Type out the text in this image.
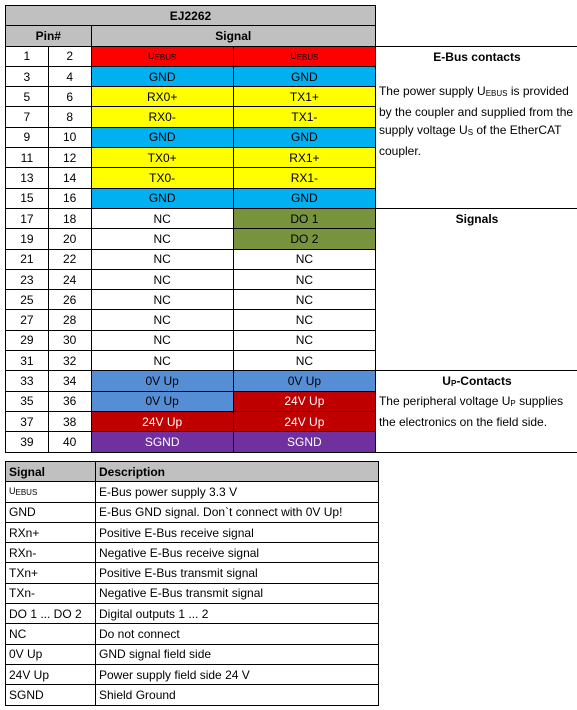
EJ2262				
Pin#		Signal		
1	2	$U_{EBUS}$	$U_{EBUS}$	E-Bus contacts
The power supply $U_{EBUS}$ is provided by the coupler and supplied from the supply voltage $U_S$ of the EtherCAT coupler.

3	4	GND	GND	
5	6	RX0+	TX1+	
7	8	RX0-	TX1-	
9	10	GND	GND	
11	12	TX0+	RX1+	
13	14	TX0-	RX1-	
15	16	GND	GND	
17	18	NC	DO 1	Signals

19	20	NC	DO 2	
21	22	NC	NC	
23	24	NC	NC	
25	26	NC	NC	
27	28	NC	NC	
29	30	NC	NC	
31	32	NC	NC	
33	34	0V Up	0V Up	$U_P$-Contacts
The peripheral voltage $U_P$ supplies the electronics on the field side.

35	36	0V Up	24V Up	
37	38	24V Up	24V Up	
39	40	SGND	SGND	
Signal	Description
$U_{EBUS}$	E-Bus power supply 3.3 V
GND	E-Bus GND signal. Don`t connect with 0V Up!
RXn+	Positive E-Bus receive signal
RXn-	Negative E-Bus receive signal
TXn+	Positive E-Bus transmit signal
TXn-	Negative E-Bus transmit signal
DO 1 ... DO 2	Digital outputs 1 ... 2
NC	Do not connect
0V Up	GND signal field side
24V Up	Power supply field side 24 V
SGND	Shield Ground
